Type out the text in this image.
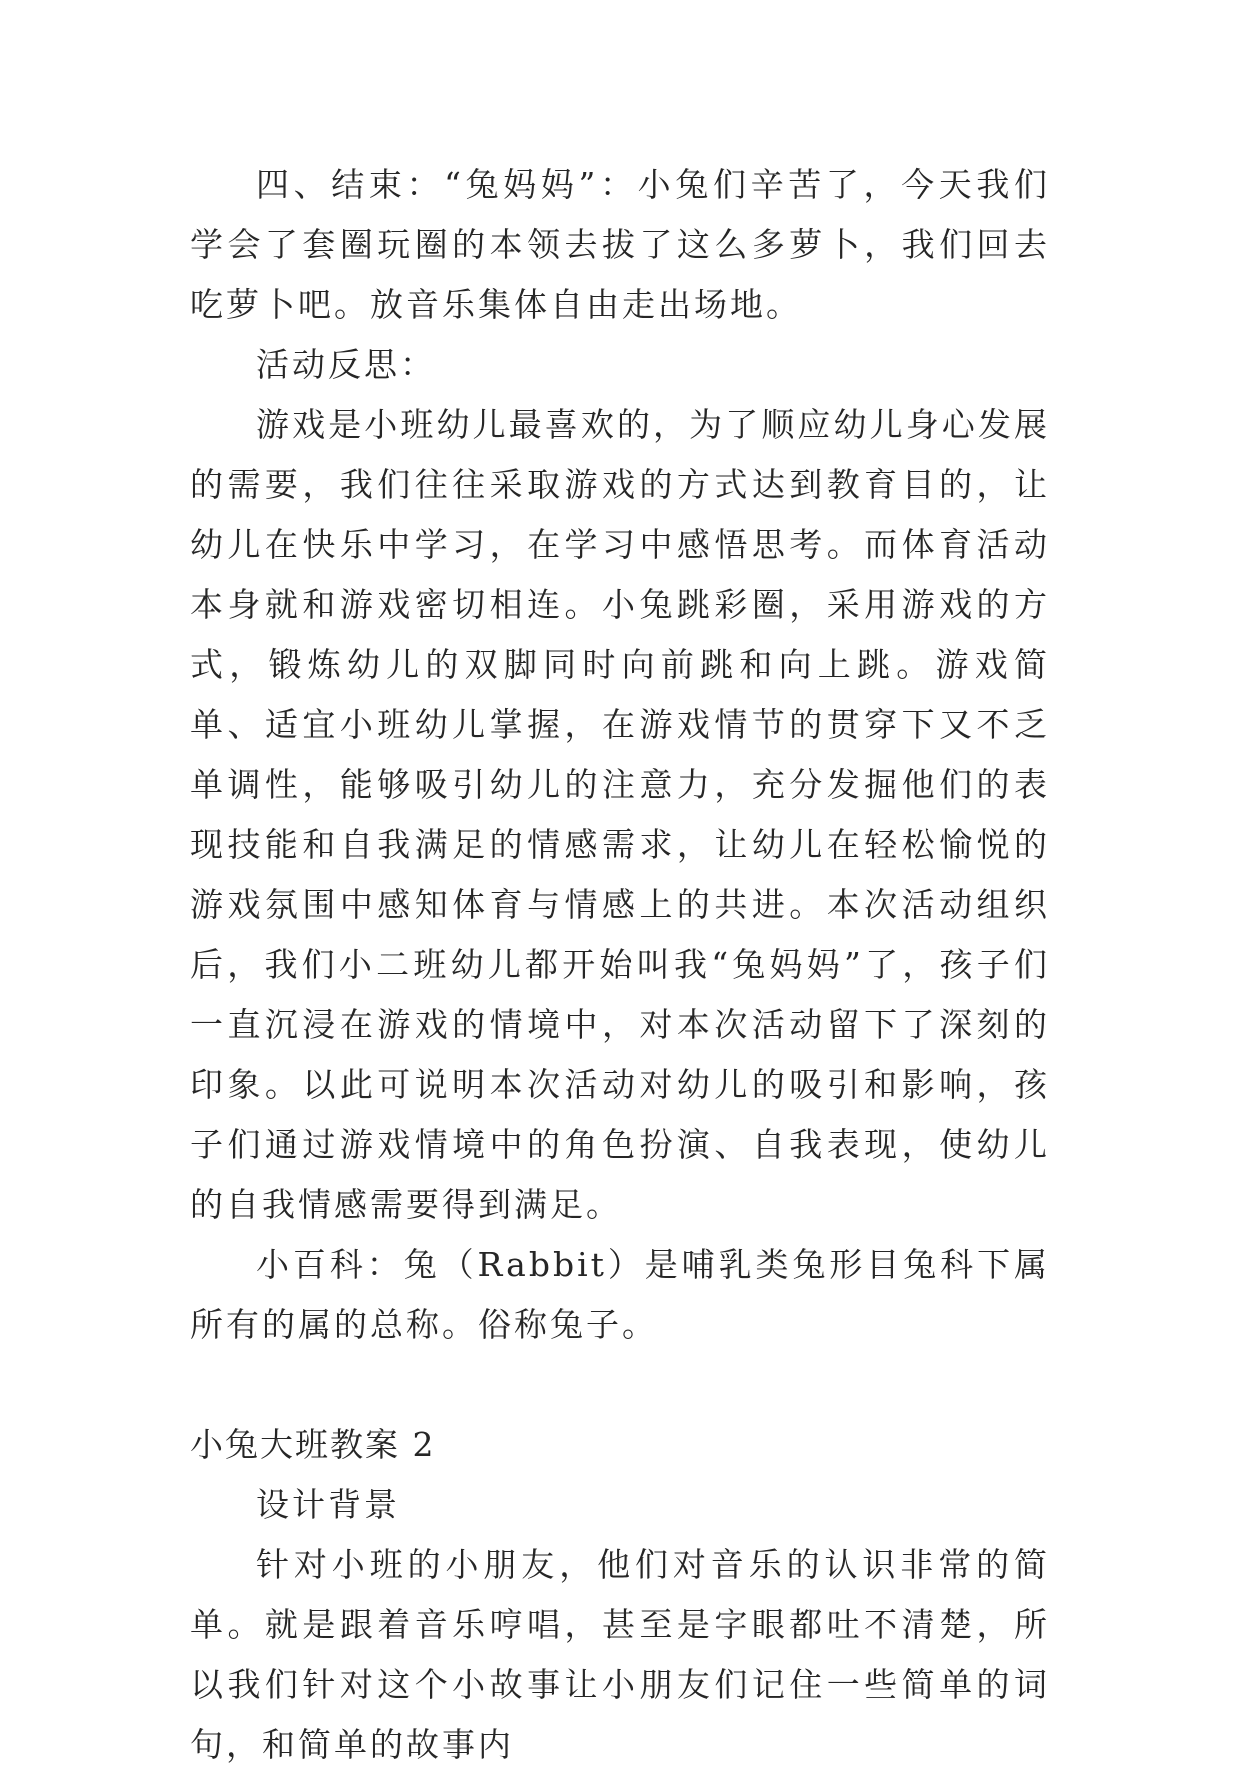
四、结束：“兔妈妈”：小兔们辛苦了，今天我们学会了套圈玩圈的本领去拔了这么多萝卜，我们回去吃萝卜吧。放音乐集体自由走出场地。

活动反思：

游戏是小班幼儿最喜欢的，为了顺应幼儿身心发展的需要，我们往往采取游戏的方式达到教育目的，让幼儿在快乐中学习，在学习中感悟思考。而体育活动本身就和游戏密切相连。小兔跳彩圈，采用游戏的方式，锻炼幼儿的双脚同时向前跳和向上跳。游戏简单、适宜小班幼儿掌握，在游戏情节的贯穿下又不乏单调性，能够吸引幼儿的注意力，充分发掘他们的表现技能和自我满足的情感需求，让幼儿在轻松愉悦的游戏氛围中感知体育与情感上的共进。本次活动组织后，我们小二班幼儿都开始叫我“兔妈妈”了，孩子们一直沉浸在游戏的情境中，对本次活动留下了深刻的印象。以此可说明本次活动对幼儿的吸引和影响，孩子们通过游戏情境中的角色扮演、自我表现，使幼儿的自我情感需要得到满足。

小百科：兔（Rabbit）是哺乳类兔形目兔科下属所有的属的总称。俗称兔子。

小兔大班教案 2

设计背景

针对小班的小朋友，他们对音乐的认识非常的简单。就是跟着音乐哼唱，甚至是字眼都吐不清楚，所以我们针对这个小故事让小朋友们记住一些简单的词句，和简单的故事内
